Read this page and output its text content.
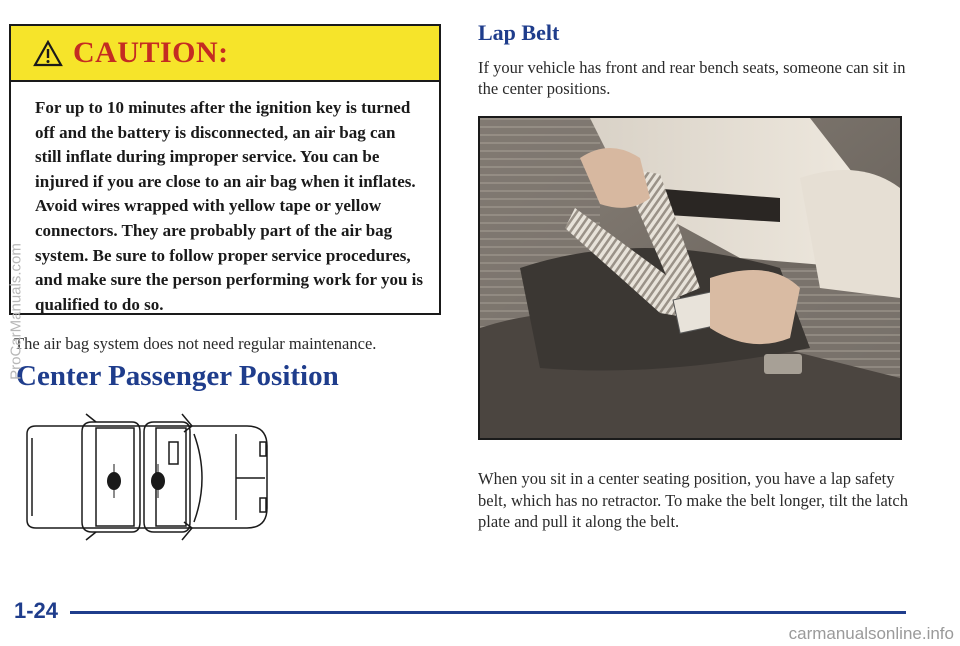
CAUTION:
For up to 10 minutes after the ignition key is turned off and the battery is disconnected, an air bag can still inflate during improper service. You can be injured if you are close to an air bag when it inflates. Avoid wires wrapped with yellow tape or yellow connectors. They are probably part of the air bag system. Be sure to follow proper service procedures, and make sure the person performing work for you is qualified to do so.
The air bag system does not need regular maintenance.
Center Passenger Position
Lap Belt
If your vehicle has front and rear bench seats, someone can sit in the center positions.
When you sit in a center seating position, you have a lap safety belt, which has no retractor. To make the belt longer, tilt the latch plate and pull it along the belt.
1-24
ProCarManuals.com
carmanualsonline.info
